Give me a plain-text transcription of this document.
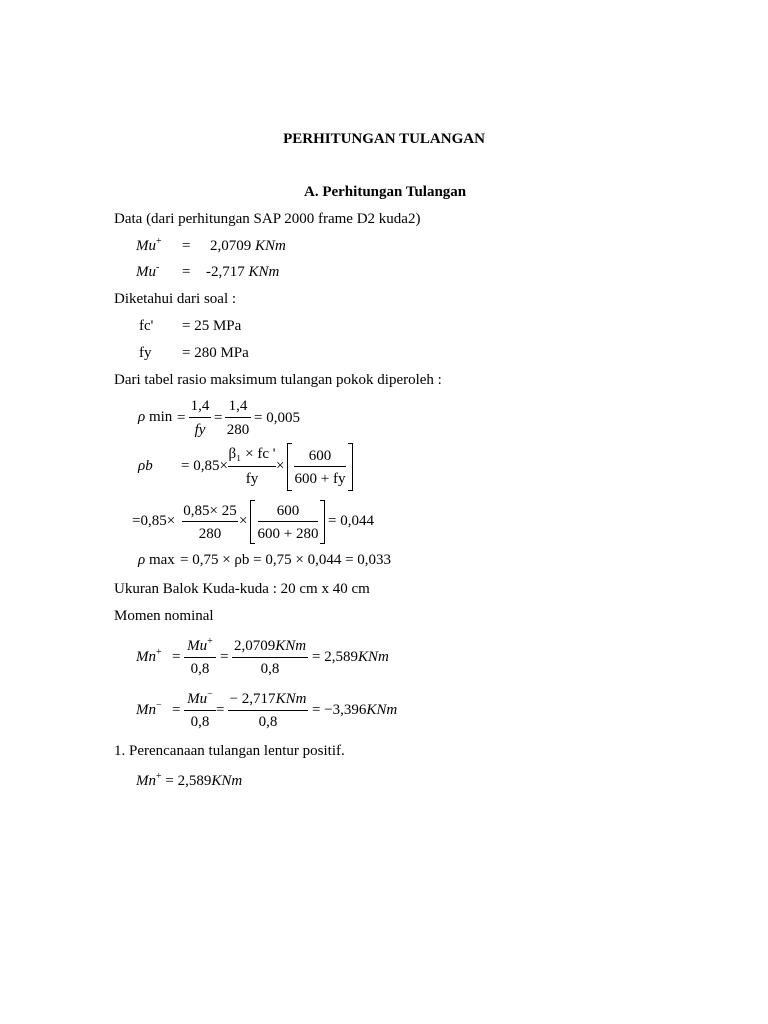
PERHITUNGAN TULANGAN
A. Perhitungan Tulangan
Data (dari perhitungan SAP 2000 frame D2 kuda2)
Mu+ = 2,0709 KNm
Mu- = -2,717 KNm
Diketahui dari soal :
fc' = 25 MPa
fy = 280 MPa
Dari tabel rasio maksimum tulangan pokok diperoleh :
ρ min =
1,4
fy
=
1,4
280
= 0,005
ρb = 0,85×
β₁ × fc '
fy
×
600
600 + fy
=0,85×
0,85× 25
280
×
600
600 + 280
= 0,044
ρ max = 0,75 × ρb = 0,75 × 0,044 = 0,033
Ukuran Balok Kuda-kuda : 20 cm x 40 cm
Momen nominal
Mn+ =
Mu+
0,8
=
2,0709KNm
0,8
= 2,589KNm
Mn− =
Mu−
0,8
=
− 2,717KNm
0,8
= −3,396KNm
1. Perencanaan tulangan lentur positif.
Mn+ = 2,589KNm
